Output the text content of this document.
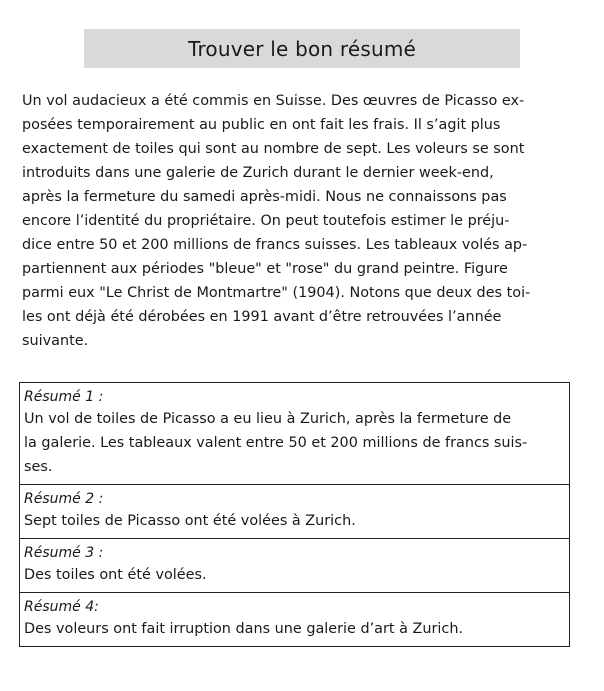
Trouver le bon résumé

Un vol audacieux a été commis en Suisse. Des œuvres de Picasso ex-

posées temporairement au public en ont fait les frais. Il s’agit plus

exactement de toiles qui sont au nombre de sept. Les voleurs se sont

introduits dans une galerie de Zurich durant le dernier week-end,

après la fermeture du samedi après-midi. Nous ne connaissons pas

encore l’identité du propriétaire. On peut toutefois estimer le préju-

dice entre 50 et 200 millions de francs suisses. Les tableaux volés ap-

partiennent aux périodes "bleue" et "rose" du grand peintre. Figure

parmi eux "Le Christ de Montmartre" (1904). Notons que deux des toi-

les ont déjà été dérobées en 1991 avant d’être retrouvées l’année

suivante.

Résumé 1 :

Un vol de toiles de Picasso a eu lieu à Zurich, après la fermeture de

la galerie. Les tableaux valent entre 50 et 200 millions de francs suis-

ses.

Résumé 2 :

Sept toiles de Picasso ont été volées à Zurich.

Résumé 3 :

Des toiles ont été volées.

Résumé 4:

Des voleurs ont fait irruption dans une galerie d’art à Zurich.
